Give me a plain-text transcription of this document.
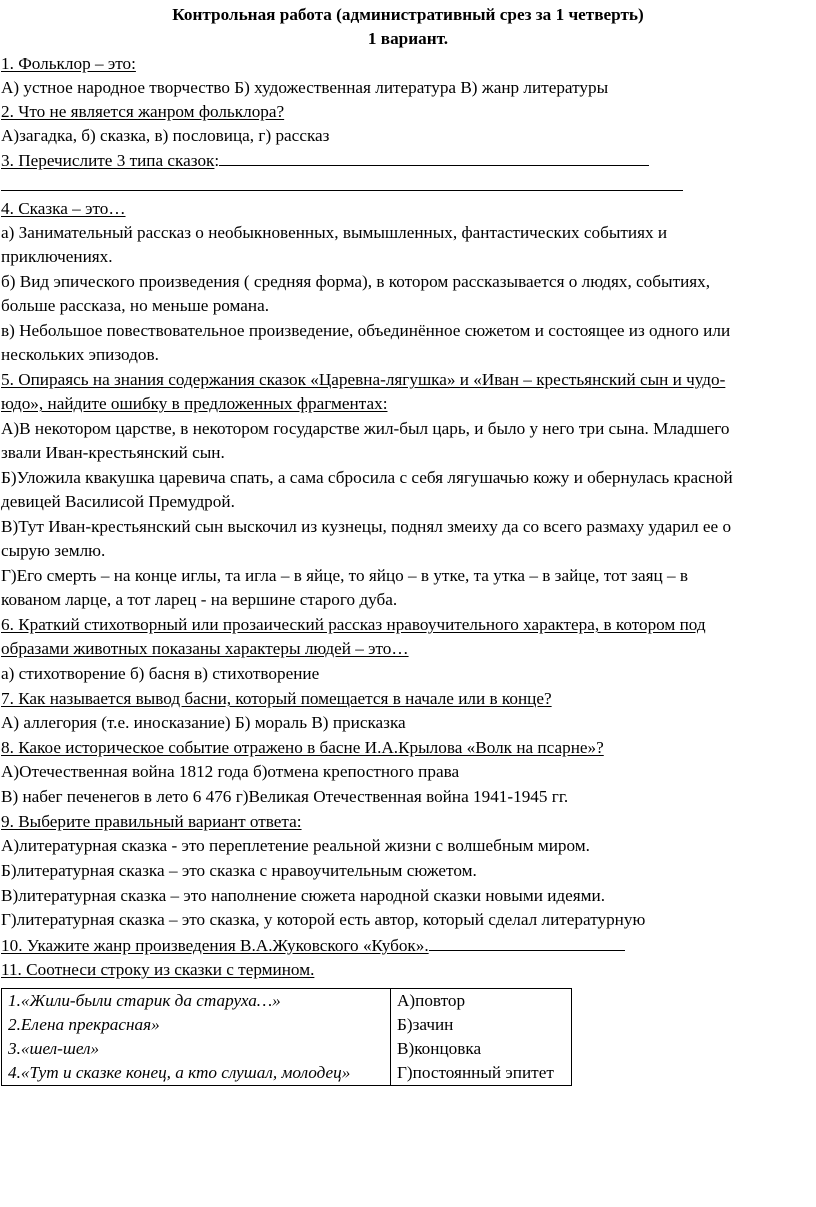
Контрольная работа (административный срез за 1 четверть)
1 вариант.
1. Фольклор – это:
А) устное народное творчество Б) художественная литература В) жанр литературы
2. Что не является жанром фольклора?
А)загадка, б) сказка, в) пословица, г) рассказ
3. Перечислите 3 типа сказок:
4. Сказка – это…
а) Занимательный рассказ о необыкновенных, вымышленных, фантастических событиях и
приключениях.
б) Вид эпического произведения ( средняя форма), в котором рассказывается о людях, событиях,
больше рассказа, но меньше романа.
в) Небольшое повествовательное произведение, объединённое сюжетом и состоящее из одного или
нескольких эпизодов.
5. Опираясь на знания содержания сказок «Царевна-лягушка» и «Иван – крестьянский сын и чудо-
юдо», найдите ошибку в предложенных фрагментах:
А)В некотором царстве, в некотором государстве жил-был царь, и было у него три сына. Младшего
звали Иван-крестьянский сын.
Б)Уложила квакушка царевича спать, а сама сбросила с себя лягушачью кожу и обернулась красной
девицей Василисой Премудрой.
В)Тут Иван-крестьянский сын выскочил из кузнецы, поднял змеиху да со всего размаху ударил ее о
сырую землю.
Г)Его смерть – на конце иглы, та игла – в яйце, то яйцо – в утке, та утка – в зайце, тот заяц – в
кованом ларце, а тот ларец - на вершине старого дуба.
6. Краткий стихотворный или прозаический рассказ нравоучительного характера, в котором под
образами животных показаны характеры людей – это…
а) стихотворение б) басня в) стихотворение
7. Как называется вывод басни, который помещается в начале или в конце?
А) аллегория (т.е. иносказание) Б) мораль В) присказка
8. Какое историческое событие отражено в басне И.А.Крылова «Волк на псарне»?
А)Отечественная война 1812 года б)отмена крепостного права
В) набег печенегов в лето 6 476 г)Великая Отечественная война 1941-1945 гг.
9. Выберите правильный вариант ответа:
А)литературная сказка - это переплетение реальной жизни с волшебным миром.
Б)литературная сказка – это сказка с нравоучительным сюжетом.
В)литературная сказка – это наполнение сюжета народной сказки новыми идеями.
Г)литературная сказка – это сказка, у которой есть автор, который сделал литературную
10. Укажите жанр произведения В.А.Жуковского «Кубок».
11. Соотнеси строку из сказки с термином.
1.«Жили-были старик да старуха…»	А)повтор
2.Елена прекрасная»	Б)зачин
3.«шел-шел»	В)концовка
4.«Тут и сказке конец, а кто слушал, молодец»	Г)постоянный эпитет
